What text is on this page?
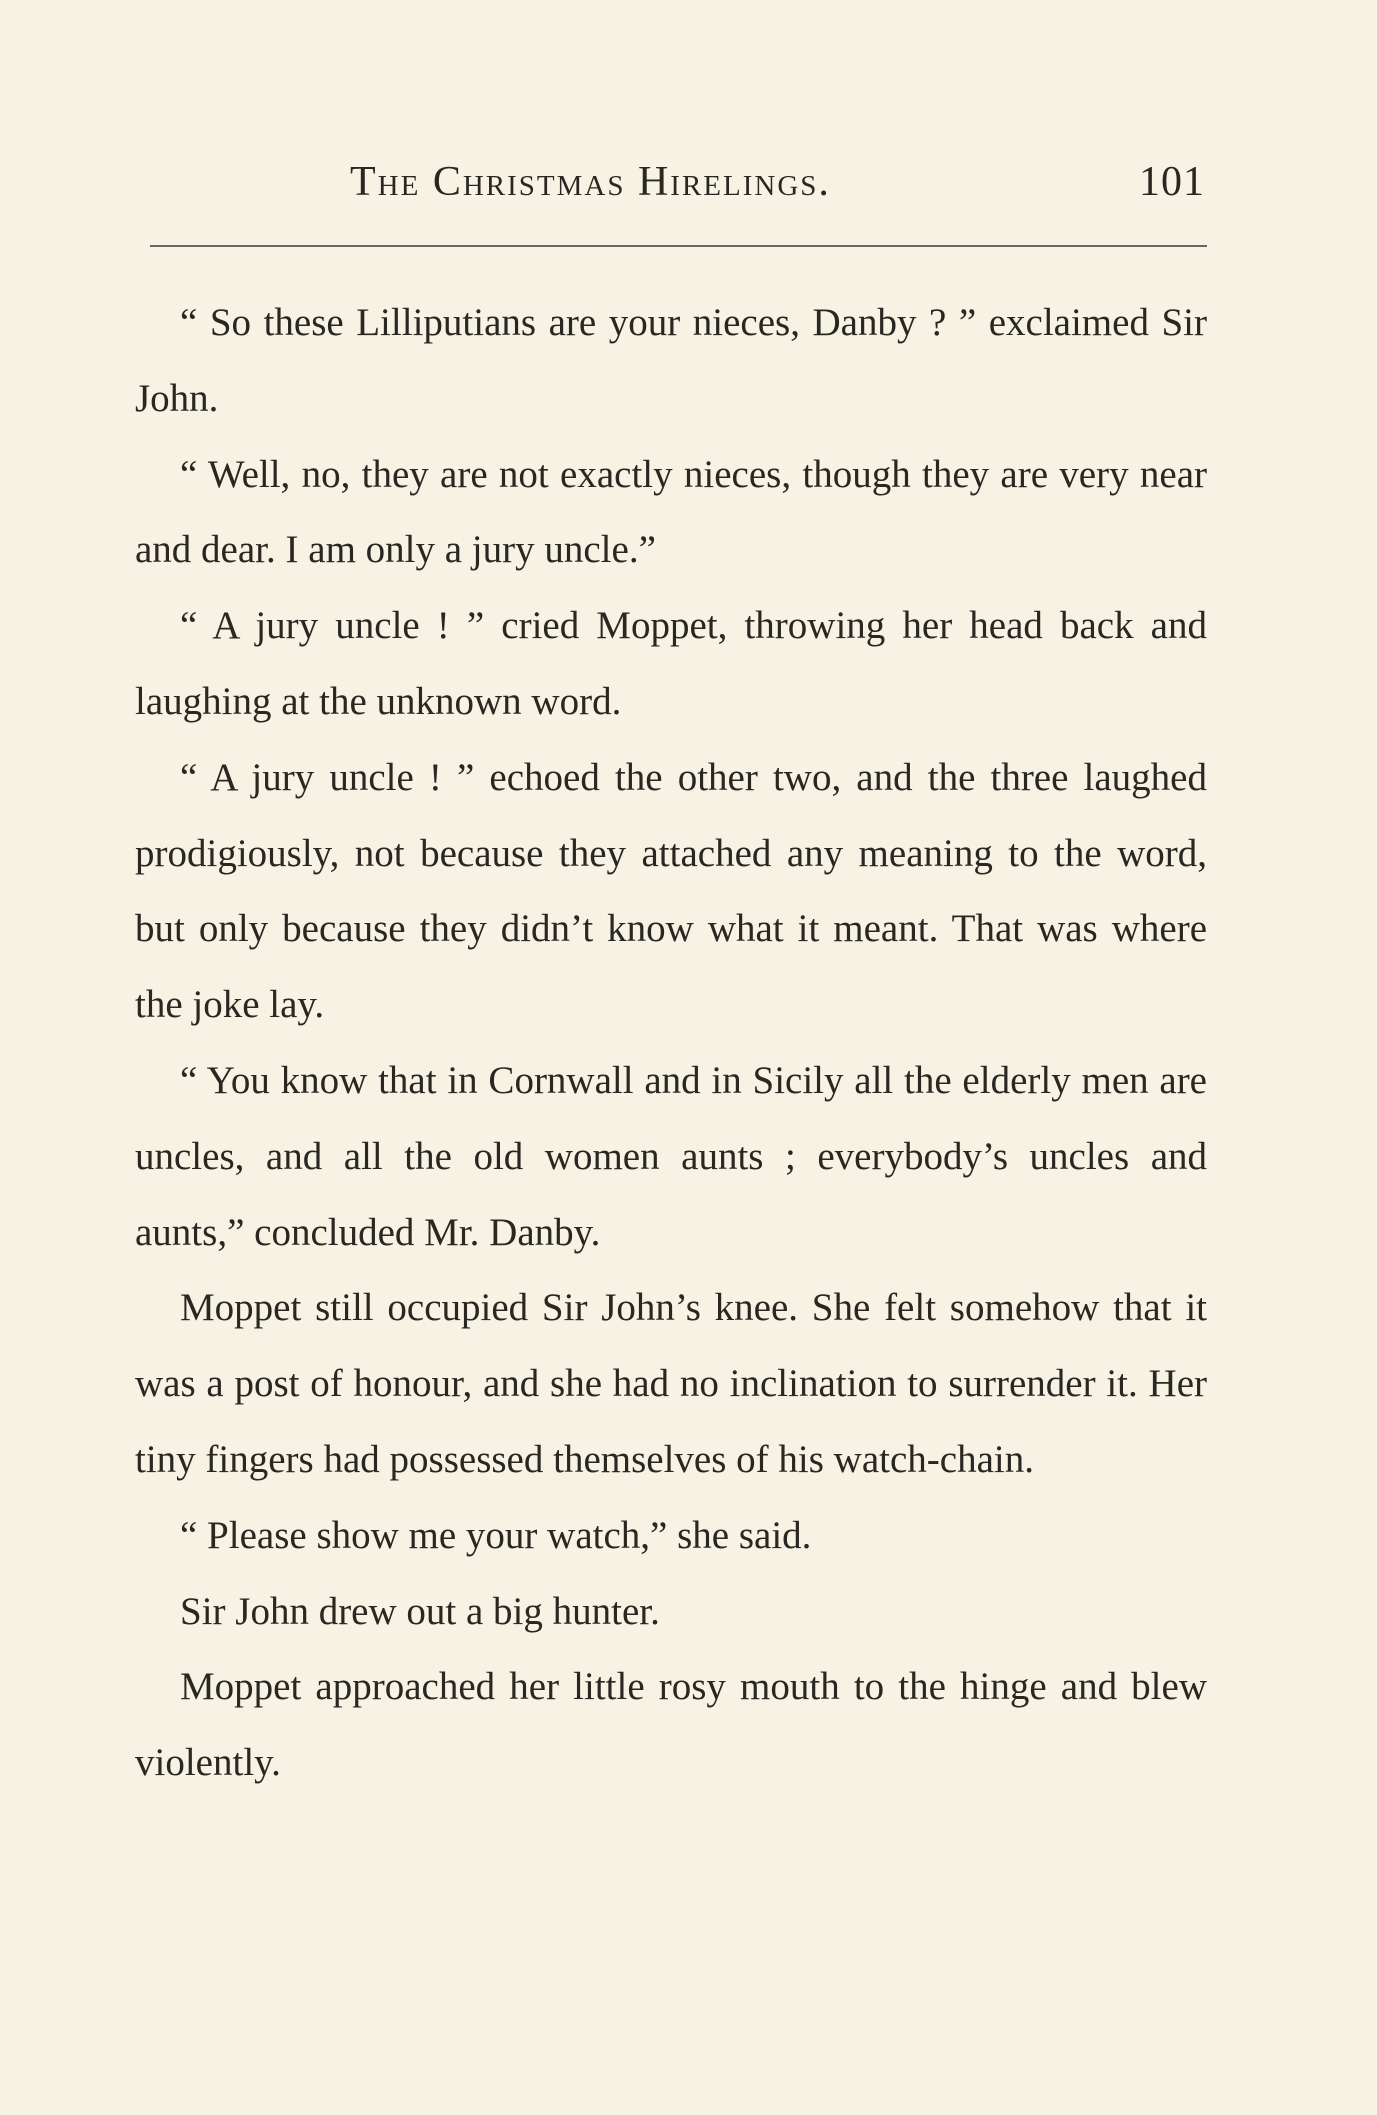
The Christmas Hirelings.	101

“ So these Lilliputians are your nieces, Danby ? ” exclaimed Sir John.

“ Well, no, they are not exactly nieces, though they are very near and dear. I am only a jury uncle.”

“ A jury uncle ! ” cried Moppet, throwing her head back and laughing at the unknown word.

“ A jury uncle ! ” echoed the other two, and the three laughed prodigiously, not because they attached any meaning to the word, but only because they didn’t know what it meant. That was where the joke lay.

“ You know that in Cornwall and in Sicily all the elderly men are uncles, and all the old women aunts ; everybody’s uncles and aunts,” concluded Mr. Danby.

Moppet still occupied Sir John’s knee. She felt somehow that it was a post of honour, and she had no inclination to surrender it. Her tiny fingers had possessed themselves of his watch-chain.

“ Please show me your watch,” she said.

Sir John drew out a big hunter.

Moppet approached her little rosy mouth to the hinge and blew violently.
